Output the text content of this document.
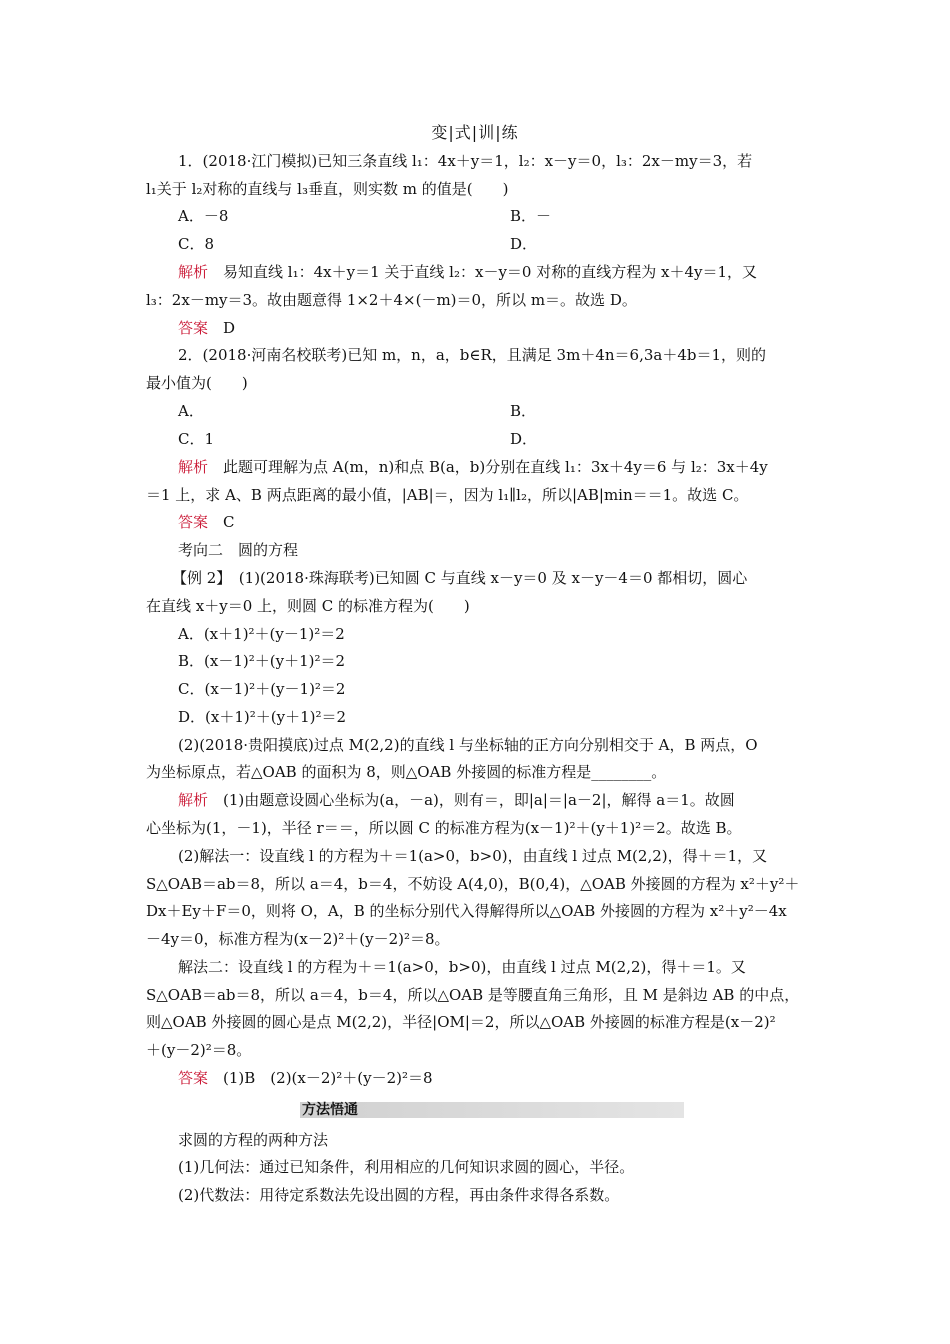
变|式|训|练
1．(2018·江门模拟)已知三条直线 l₁：4x＋y＝1，l₂：x－y＝0，l₃：2x－my＝3，若
l₁关于 l₂对称的直线与 l₃垂直，则实数 m 的值是(　　)
A．－8	B．－
C．8	D．
解析　 易知直线 l₁：4x＋y＝1 关于直线 l₂：x－y＝0 对称的直线方程为 x＋4y＝1，又
l₃：2x－my＝3。故由题意得 1×2＋4×(－m)＝0，所以 m＝。故选 D。
答案　 D
2．(2018·河南名校联考)已知 m，n，a，b∈R，且满足 3m＋4n＝6,3a＋4b＝1，则的
最小值为(　　)
A．	B．
C．1	D．
解析　 此题可理解为点 A(m，n)和点 B(a，b)分别在直线 l₁：3x＋4y＝6 与 l₂：3x＋4y
＝1 上，求 A、B 两点距离的最小值，|AB|＝，因为 l₁∥l₂，所以|AB|min＝＝1。故选 C。
答案　 C
考向二　圆的方程
【例 2】　(1)(2018·珠海联考)已知圆 C 与直线 x－y＝0 及 x－y－4＝0 都相切，圆心
在直线 x＋y＝0 上，则圆 C 的标准方程为(　　)
A．(x＋1)²＋(y－1)²＝2
B．(x－1)²＋(y＋1)²＝2
C．(x－1)²＋(y－1)²＝2
D．(x＋1)²＋(y＋1)²＝2
(2)(2018·贵阳摸底)过点 M(2,2)的直线 l 与坐标轴的正方向分别相交于 A，B 两点，O
为坐标原点，若△OAB 的面积为 8，则△OAB 外接圆的标准方程是________。
解析　 (1)由题意设圆心坐标为(a，－a)，则有＝，即|a|＝|a－2|，解得 a＝1。故圆
心坐标为(1，－1)，半径 r＝＝，所以圆 C 的标准方程为(x－1)²＋(y＋1)²＝2。故选 B。
(2)解法一：设直线 l 的方程为＋＝1(a>0，b>0)，由直线 l 过点 M(2,2)，得＋＝1，又
S△OAB＝ab＝8，所以 a＝4，b＝4，不妨设 A(4,0)，B(0,4)，△OAB 外接圆的方程为 x²＋y²＋
Dx＋Ey＋F＝0，则将 O，A，B 的坐标分别代入得解得所以△OAB 外接圆的方程为 x²＋y²－4x
－4y＝0，标准方程为(x－2)²＋(y－2)²＝8。
解法二：设直线 l 的方程为＋＝1(a>0，b>0)，由直线 l 过点 M(2,2)，得＋＝1。又
S△OAB＝ab＝8，所以 a＝4，b＝4，所以△OAB 是等腰直角三角形，且 M 是斜边 AB 的中点，
则△OAB 外接圆的圆心是点 M(2,2)，半径|OM|＝2，所以△OAB 外接圆的标准方程是(x－2)²
＋(y－2)²＝8。
答案　 (1)B　(2)(x－2)²＋(y－2)²＝8
方法悟通
求圆的方程的两种方法
(1)几何法：通过已知条件，利用相应的几何知识求圆的圆心，半径。
(2)代数法：用待定系数法先设出圆的方程，再由条件求得各系数。
